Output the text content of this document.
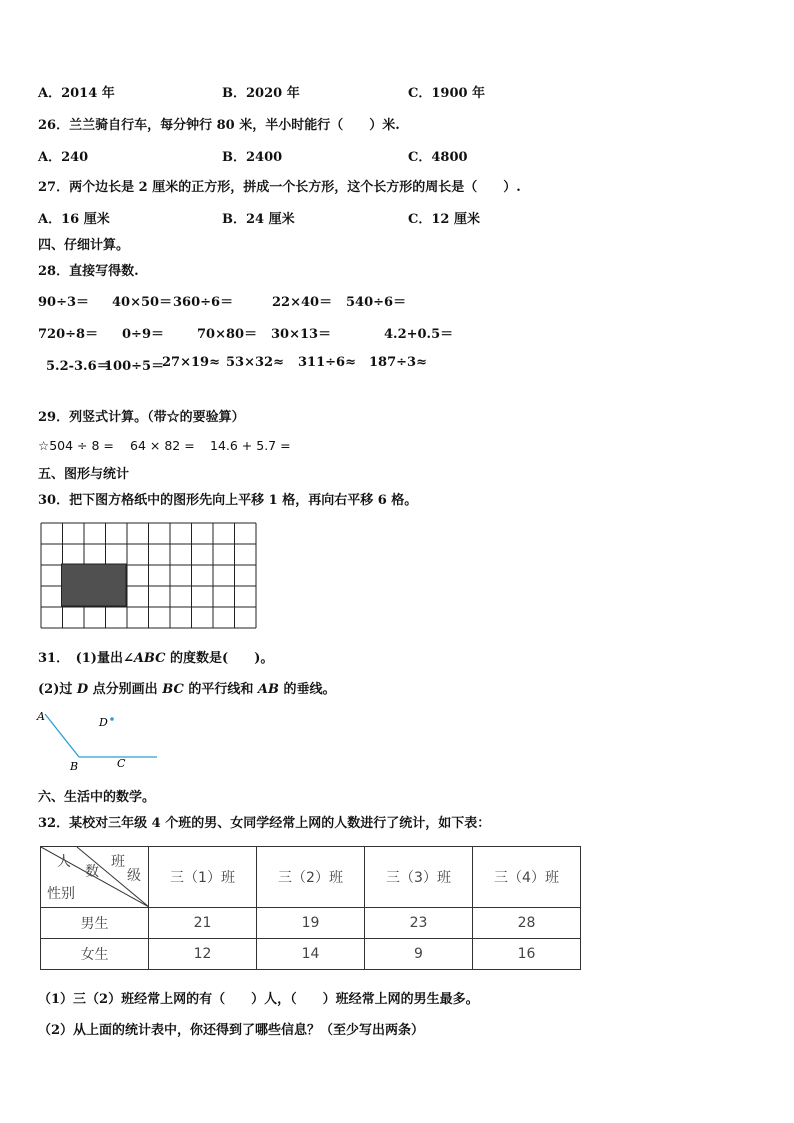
A．2014 年	B．2020 年	C．1900 年
26．兰兰骑自行车，每分钟行 80 米，半小时能行（　　）米.
A．240	B．2400	C．4800
27．两个边长是 2 厘米的正方形，拼成一个长方形，这个长方形的周长是（　　）.
A．16 厘米	B．24 厘米	C．12 厘米
四、仔细计算。
28．直接写得数.
90÷3＝ 40×50＝ 360÷6＝	22×40＝ 540÷6＝
720÷8＝ 0÷9＝	70×80＝ 30×13＝	4.2+0.5＝
5.2-3.6＝
100÷5＝
27×19≈ 53×32≈ 311÷6≈ 187÷3≈
29．列竖式计算。（带☆的要验算）
☆504 ÷ 8 = 64 × 82 = 14.6 + 5.7 =
五、图形与统计
30．把下图方格纸中的图形先向上平移 1 格，再向右平移 6 格。
31．　(1)量出∠ABC 的度数是(　　)。
(2)过 D 点分别画出 BC 的平行线和 AB 的垂线。
A
B	C
D
六、生活中的数学。
32．某校对三年级 4 个班的男、女同学经常上网的人数进行了统计，如下表：
人
数
班
级
性别	三（1）班	三（2）班	三（3）班	三（4）班
男生	21	19	23	28
女生	12	14	9	16
（1）三（2）班经常上网的有（　　）人，（　　）班经常上网的男生最多。
（2）从上面的统计表中，你还得到了哪些信息？（至少写出两条）
